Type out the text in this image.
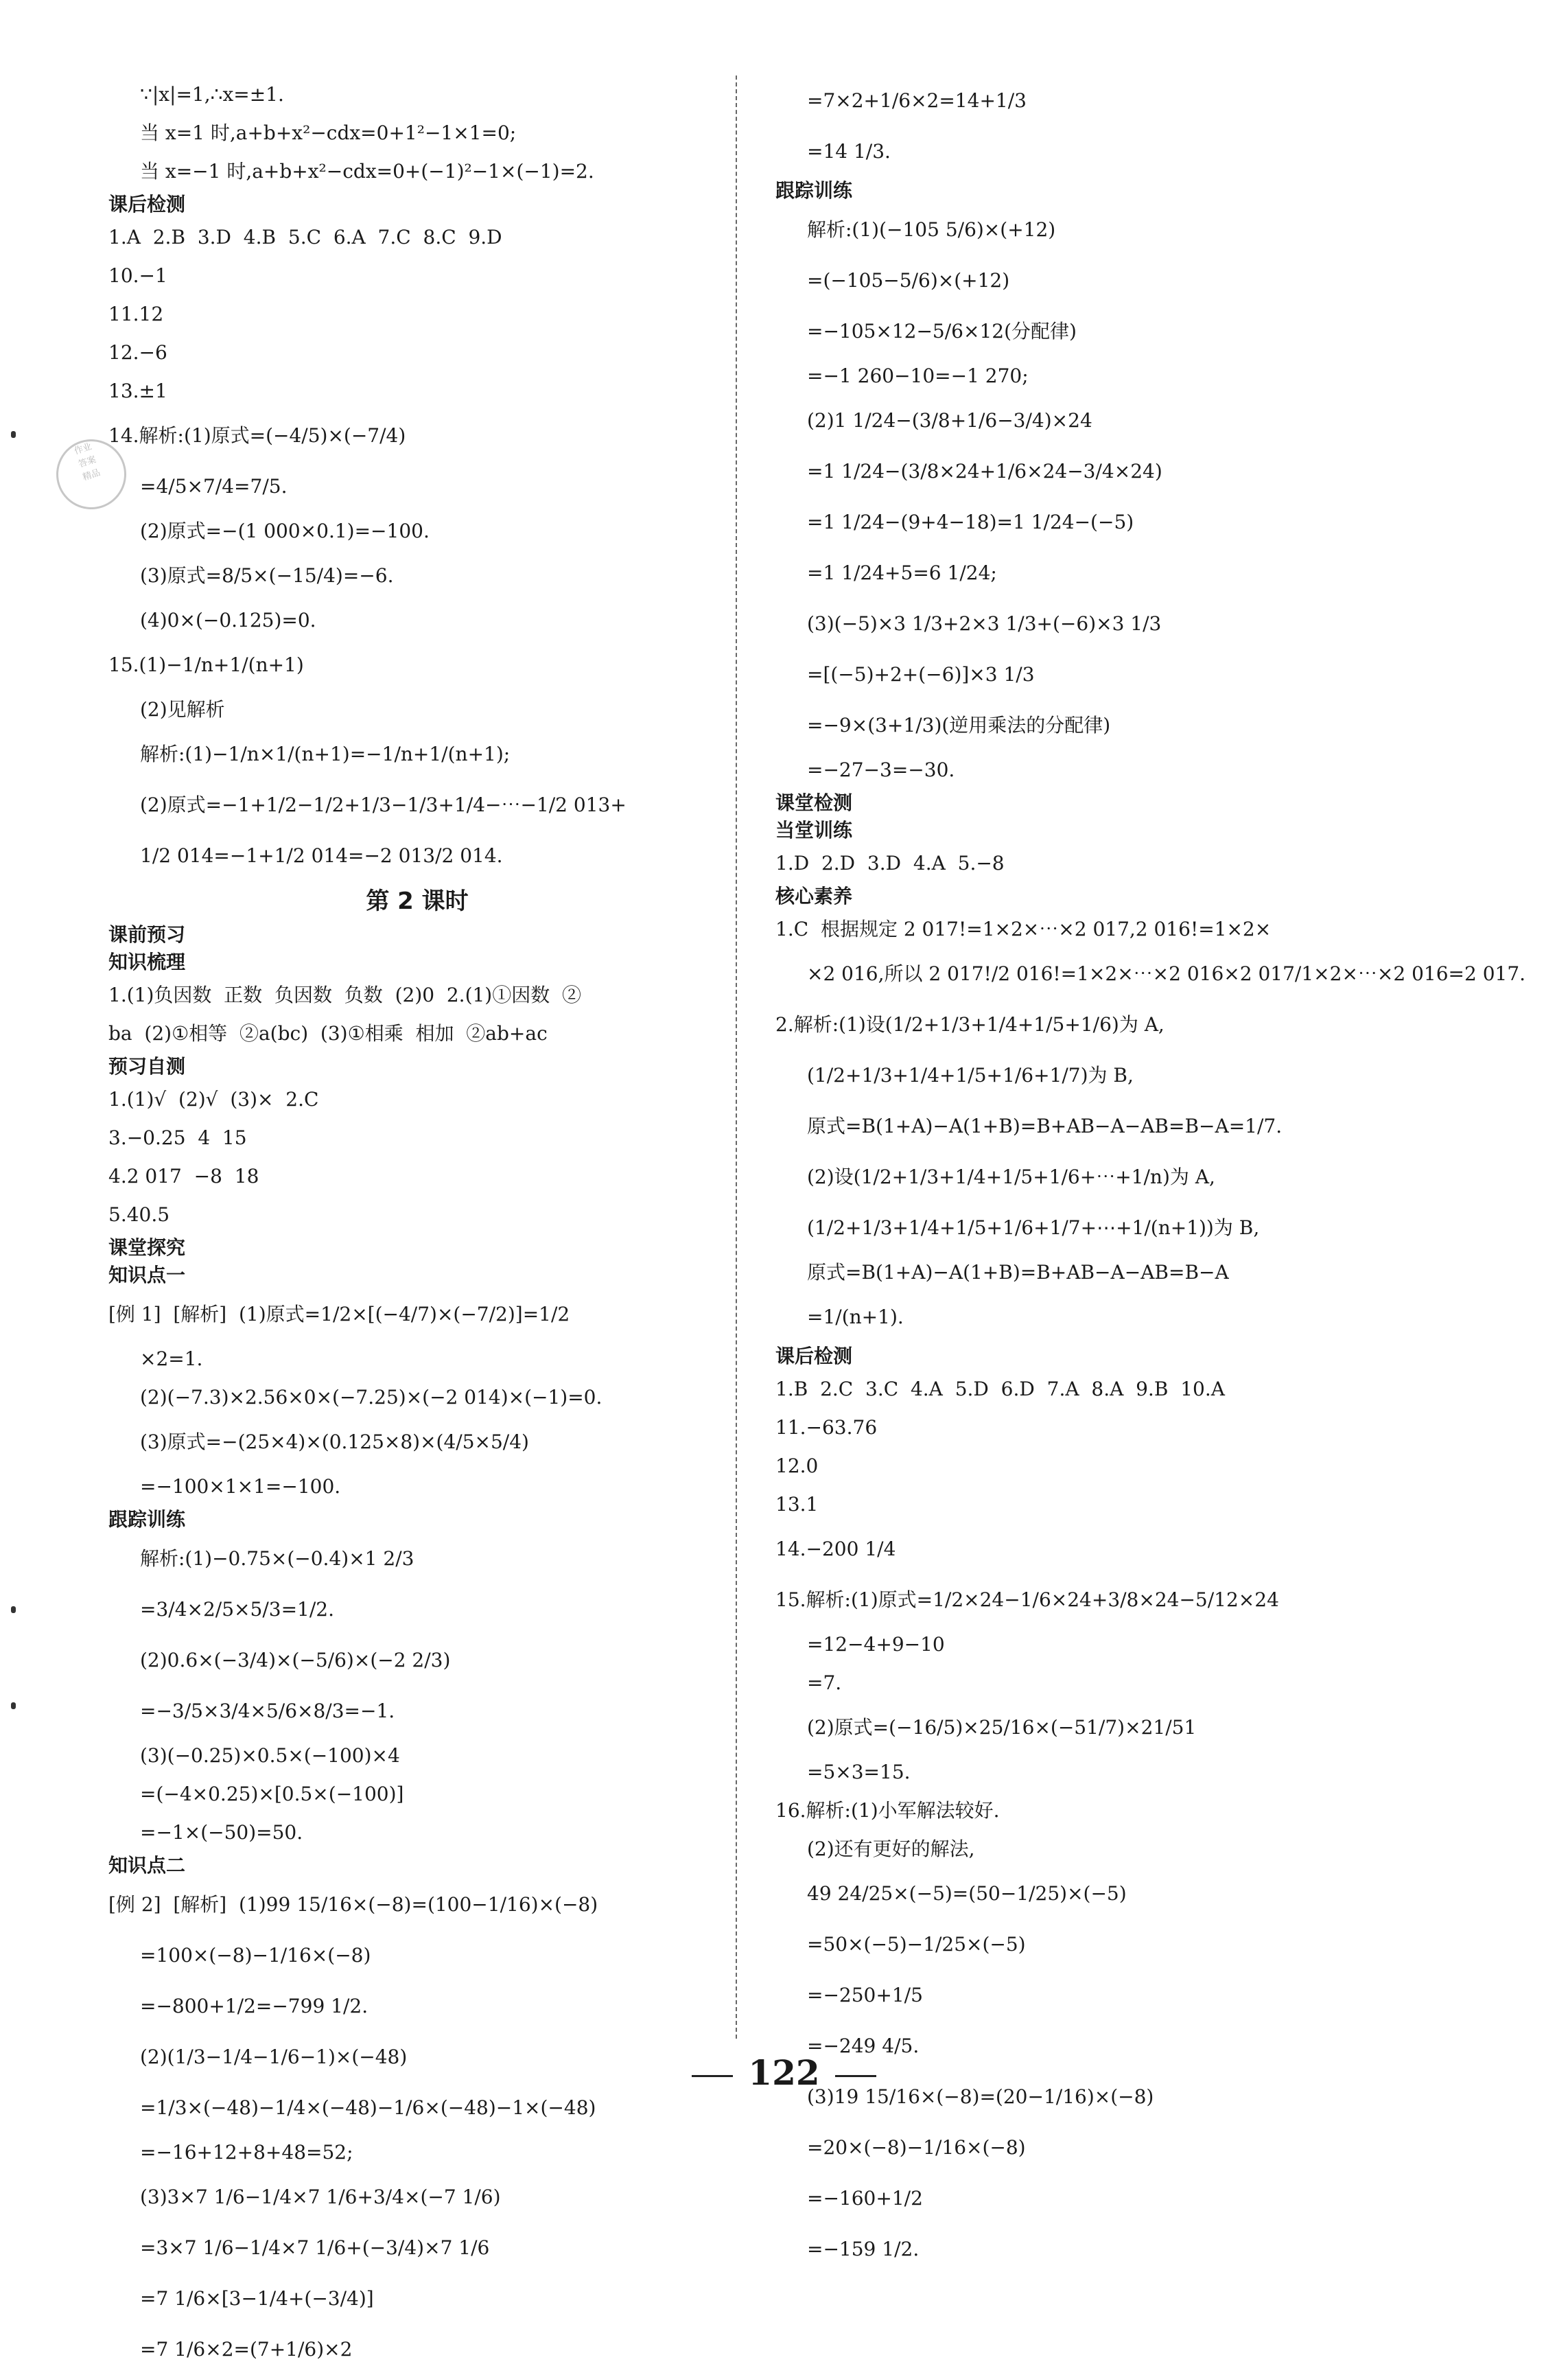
∵|x|=1,∴x=±1.
当 x=1 时,a+b+x²−cdx=0+1²−1×1=0;
当 x=−1 时,a+b+x²−cdx=0+(−1)²−1×(−1)=2.
课后检测
1.A  2.B  3.D  4.B  5.C  6.A  7.C  8.C  9.D
10.−1
11.12
12.−6
13.±1
14.解析:(1)原式=(−4/5)×(−7/4)
=4/5×7/4=7/5.
(2)原式=−(1 000×0.1)=−100.
(3)原式=8/5×(−15/4)=−6.
(4)0×(−0.125)=0.
15.(1)−1/n+1/(n+1)
(2)见解析
解析:(1)−1/n×1/(n+1)=−1/n+1/(n+1);
(2)原式=−1+1/2−1/2+1/3−1/3+1/4−⋯−1/2 013+
1/2 014=−1+1/2 014=−2 013/2 014.
第 2 课时
课前预习
知识梳理
1.(1)负因数  正数  负因数  负数  (2)0  2.(1)①因数  ②
ba  (2)①相等  ②a(bc)  (3)①相乘  相加  ②ab+ac
预习自测
1.(1)√  (2)√  (3)×  2.C
3.−0.25  4  15
4.2 017  −8  18
5.40.5
课堂探究
知识点一
[例 1]  [解析]  (1)原式=1/2×[(−4/7)×(−7/2)]=1/2
×2=1.
(2)(−7.3)×2.56×0×(−7.25)×(−2 014)×(−1)=0.
(3)原式=−(25×4)×(0.125×8)×(4/5×5/4)
=−100×1×1=−100.
跟踪训练
解析:(1)−0.75×(−0.4)×1 2/3
=3/4×2/5×5/3=1/2.
(2)0.6×(−3/4)×(−5/6)×(−2 2/3)
=−3/5×3/4×5/6×8/3=−1.
(3)(−0.25)×0.5×(−100)×4
=(−4×0.25)×[0.5×(−100)]
=−1×(−50)=50.
知识点二
[例 2]  [解析]  (1)99 15/16×(−8)=(100−1/16)×(−8)
=100×(−8)−1/16×(−8)
=−800+1/2=−799 1/2.
(2)(1/3−1/4−1/6−1)×(−48)
=1/3×(−48)−1/4×(−48)−1/6×(−48)−1×(−48)
=−16+12+8+48=52;
(3)3×7 1/6−1/4×7 1/6+3/4×(−7 1/6)
=3×7 1/6−1/4×7 1/6+(−3/4)×7 1/6
=7 1/6×[3−1/4+(−3/4)]
=7 1/6×2=(7+1/6)×2
=7×2+1/6×2=14+1/3
=14 1/3.
跟踪训练
解析:(1)(−105 5/6)×(+12)
=(−105−5/6)×(+12)
=−105×12−5/6×12(分配律)
=−1 260−10=−1 270;
(2)1 1/24−(3/8+1/6−3/4)×24
=1 1/24−(3/8×24+1/6×24−3/4×24)
=1 1/24−(9+4−18)=1 1/24−(−5)
=1 1/24+5=6 1/24;
(3)(−5)×3 1/3+2×3 1/3+(−6)×3 1/3
=[(−5)+2+(−6)]×3 1/3
=−9×(3+1/3)(逆用乘法的分配律)
=−27−3=−30.
课堂检测
当堂训练
1.D  2.D  3.D  4.A  5.−8
核心素养
1.C  根据规定 2 017!=1×2×⋯×2 017,2 016!=1×2×
×2 016,所以 2 017!/2 016!=1×2×⋯×2 016×2 017/1×2×⋯×2 016=2 017.
2.解析:(1)设(1/2+1/3+1/4+1/5+1/6)为 A,
(1/2+1/3+1/4+1/5+1/6+1/7)为 B,
原式=B(1+A)−A(1+B)=B+AB−A−AB=B−A=1/7.
(2)设(1/2+1/3+1/4+1/5+1/6+⋯+1/n)为 A,
(1/2+1/3+1/4+1/5+1/6+1/7+⋯+1/(n+1))为 B,
原式=B(1+A)−A(1+B)=B+AB−A−AB=B−A
=1/(n+1).
课后检测
1.B  2.C  3.C  4.A  5.D  6.D  7.A  8.A  9.B  10.A
11.−63.76
12.0
13.1
14.−200 1/4
15.解析:(1)原式=1/2×24−1/6×24+3/8×24−5/12×24
=12−4+9−10
=7.
(2)原式=(−16/5)×25/16×(−51/7)×21/51
=5×3=15.
16.解析:(1)小军解法较好.
(2)还有更好的解法,
49 24/25×(−5)=(50−1/25)×(−5)
=50×(−5)−1/25×(−5)
=−250+1/5
=−249 4/5.
(3)19 15/16×(−8)=(20−1/16)×(−8)
=20×(−8)−1/16×(−8)
=−160+1/2
=−159 1/2.
作业
答案
精品
122
